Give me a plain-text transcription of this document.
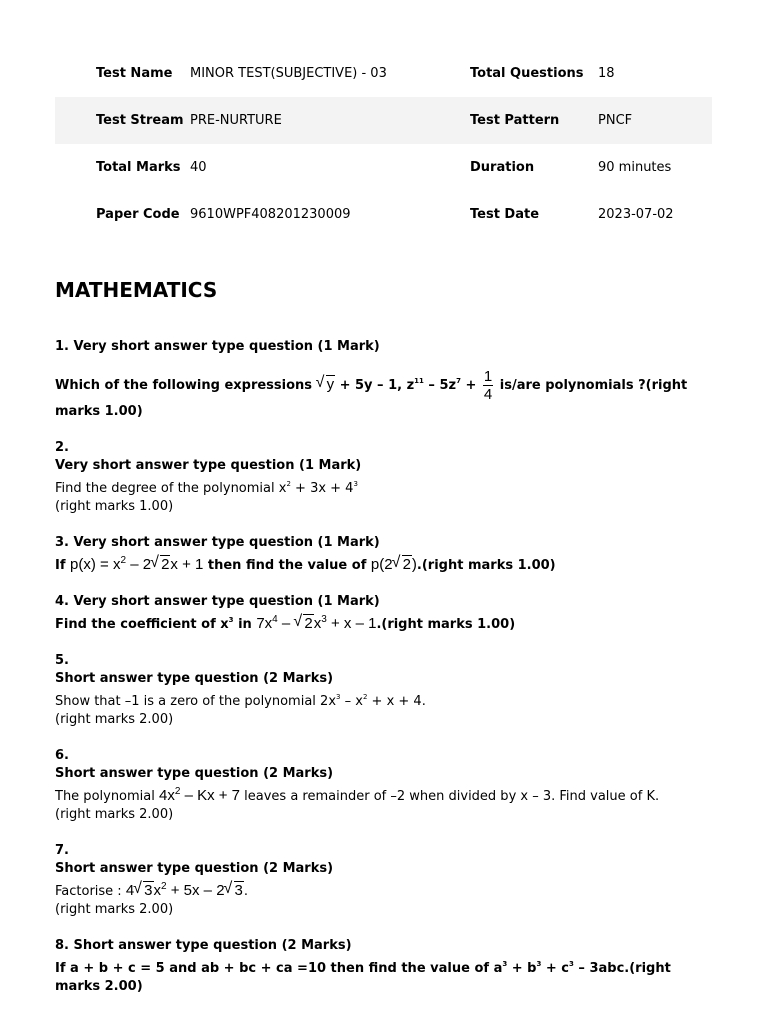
Test Name	MINOR TEST(SUBJECTIVE) - 03	Total Questions	18
Test Stream PRE-NURTURE	Test Pattern	PNCF
Total Marks 40	Duration	90 minutes
Paper Code 9610WPF408201230009	Test Date	2023-07-02
MATHEMATICS
1. Very short answer type question (1 Mark)
Which of the following expressions √ y + 5y – 1, $z^{11} - 5z^7 + \frac{1}{4} is/are$ polynomials ?(right marks 1.00)
2.
Very short answer type question (1 Mark)
Find the degree of the polynomial $x^2 + 3x + 4^3$
(right marks 1.00)
3. Very short answer type question (1 Mark)
If $p(x) = x^2 - 2√$ 2x + 1 then find the value of p(2√ 2).(right marks 1.00)
4. Very short answer type question (1 Mark)
Find the coefficient of $x^3$ in $7x^4$ – √ $2x^3 + x$ – 1.(right marks 1.00)
5.
Short answer type question (2 Marks)
Show that –1 is a zero of the polynomial $2x^3 - x^2 + x + 4$.
(right marks 2.00)
6.
Short answer type question (2 Marks)
The polynomial $4x^2 - Kx + 7$ leaves a remainder of –2 when divided by x – 3. Find value of K.
(right marks 2.00)
7.
Short answer type question (2 Marks)
Factorise : 4√ $3x^2 + 5x - 2√$ 3.
(right marks 2.00)
8. Short answer type question (2 Marks)
If a + b + c = 5 and ab + bc + ca =10 then find the value of $a^3 + b^3 + c^3$ – 3abc.(right marks 2.00)
